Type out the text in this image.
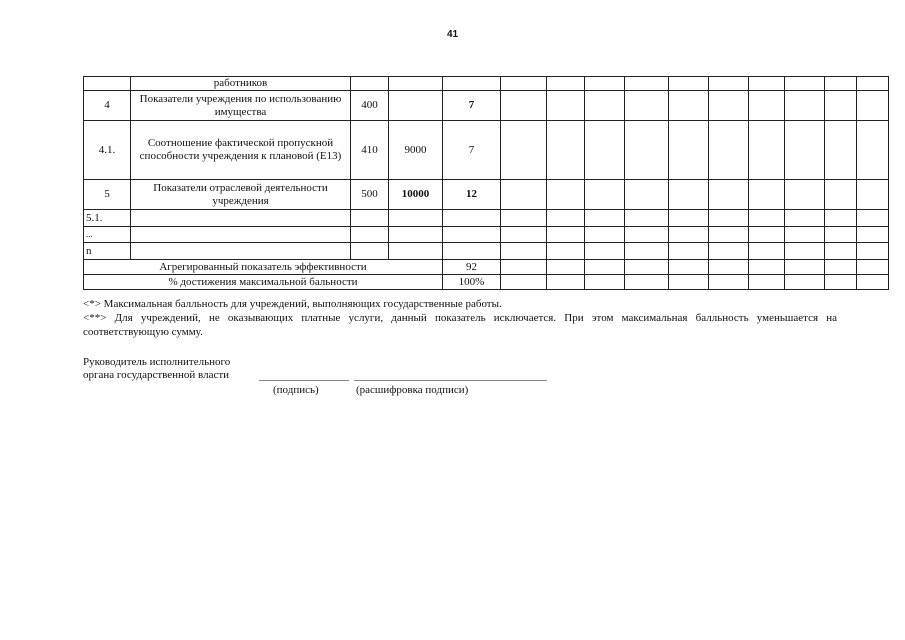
41
	работников													
4	Показатели учреждения по использованию имущества	400		7										
4.1.	Соотношение фактической пропускной способности учреждения к плановой (Е13)	410	9000	7										
5	Показатели отраслевой деятельности учреждения	500	10000	12										
5.1.														
...														
n														
Агрегированный показатель эффективности				92										
% достижения максимальной бальности				100%										

<*> Максимальная балльность для учреждений, выполняющих государственные работы.

<**> Для учреждений, не оказывающих платные услуги, данный показатель исключается. При этом максимальная балльность уменьшается на соответствующую сумму.

Руководитель исполнительного

органа государственной власти
(подпись)	(расшифровка подписи)
